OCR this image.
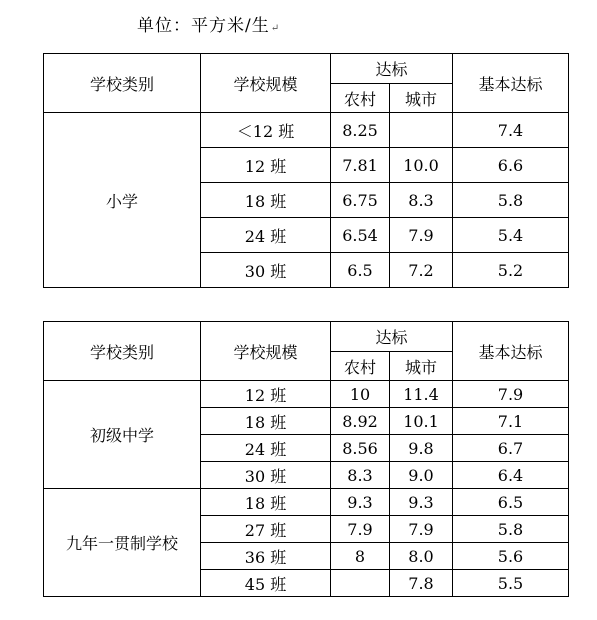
单位：平方米/生↵
学校类别	学校规模	达标		基本达标
		农村	城市	
小学	＜12 班	8.25		7.4
	12 班	7.81	10.0	6.6
	18 班	6.75	8.3	5.8
	24 班	6.54	7.9	5.4
	30 班	6.5	7.2	5.2
学校类别	学校规模	达标		基本达标
		农村	城市	
初级中学	12 班	10	11.4	7.9
	18 班	8.92	10.1	7.1
	24 班	8.56	9.8	6.7
	30 班	8.3	9.0	6.4
九年一贯制学校	18 班	9.3	9.3	6.5
	27 班	7.9	7.9	5.8
	36 班	8	8.0	5.6
	45 班		7.8	5.5
